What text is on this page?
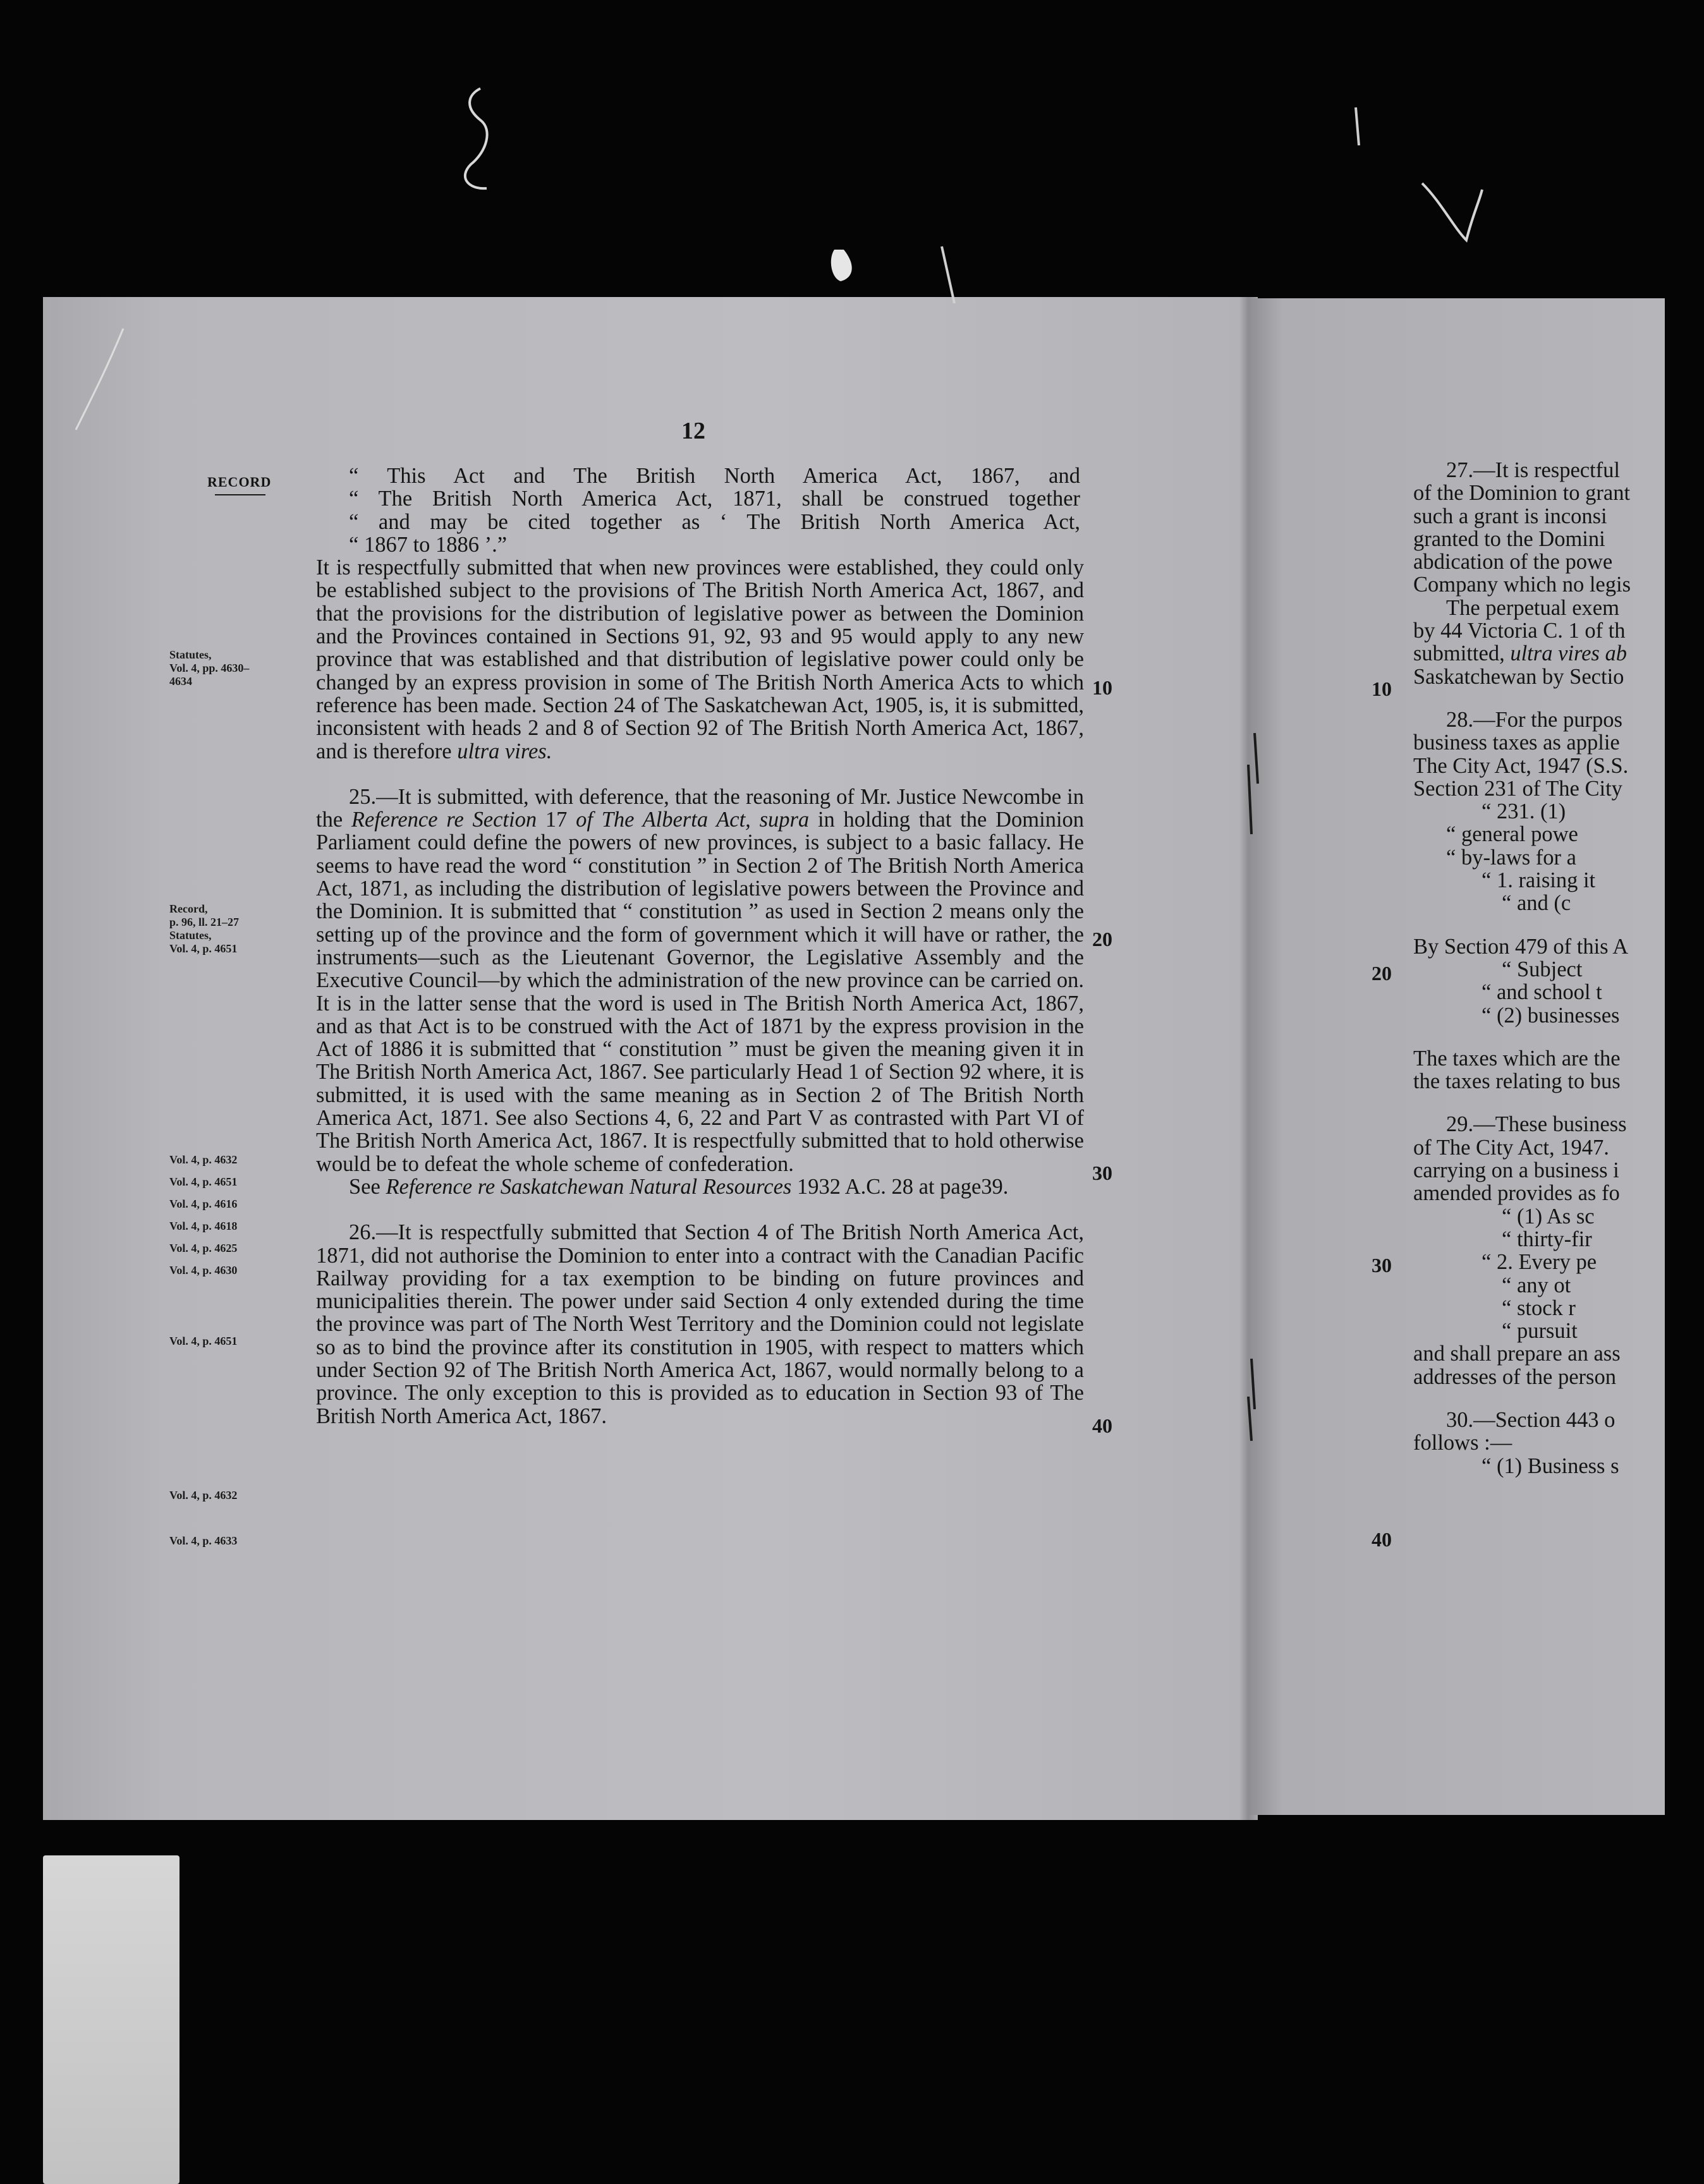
12
RECORD	“ This Act and The British North America Act, 1867, and

“ The British North America Act, 1871, shall be construed together

“ and may be cited together as ‘ The British North America Act,

“ 1867 to 1886 ’.”

It is respectfully submitted that when new provinces were established, they could only be established subject to the provisions of The British North America Act, 1867, and that the provisions for the distribution of legislative power as between the Dominion and the Provinces contained in Sections 91, 92, 93 and 95 would apply to any new province that was established and that distribution of legislative power could only be changed by an express provision in some of The British North America Acts to which reference has been made. Section 24 of The Saskatchewan Act, 1905, is, it is submitted, inconsistent with heads 2 and 8 of Section 92 of The British North America Act, 1867, and is therefore ultra vires.

25.—It is submitted, with deference, that the reasoning of Mr. Justice Newcombe in the Reference re Section 17 of The Alberta Act, supra in holding that the Dominion Parliament could define the powers of new provinces, is subject to a basic fallacy. He seems to have read the word “ constitution ” in Section 2 of The British North America Act, 1871, as including the distribution of legislative powers between the Province and the Dominion. It is submitted that “ constitution ” as used in Section 2 means only the setting up of the province and the form of government which it will have or rather, the instruments—such as the Lieutenant Governor, the Legislative Assembly and the Executive Council—by which the administration of the new province can be carried on. It is in the latter sense that the word is used in The British North America Act, 1867, and as that Act is to be construed with the Act of 1871 by the express provision in the Act of 1886 it is submitted that “ constitution ” must be given the meaning given it in The British North America Act, 1867. See particularly Head 1 of Section 92 where, it is submitted, it is used with the same meaning as in Section 2 of The British North America Act, 1871. See also Sections 4, 6, 22 and Part V as contrasted with Part VI of The British North America Act, 1867. It is respectfully submitted that to hold otherwise would be to defeat the whole scheme of confederation.

See Reference re Saskatchewan Natural Resources 1932 A.C. 28 at page39.

26.—It is respectfully submitted that Section 4 of The British North America Act, 1871, did not authorise the Dominion to enter into a contract with the Canadian Pacific Railway providing for a tax exemption to be binding on future provinces and municipalities therein. The power under said Section 4 only extended during the time the province was part of The North West Territory and the Dominion could not legislate so as to bind the province after its constitution in 1905, with respect to matters which under Section 92 of The British North America Act, 1867, would normally belong to a province. The only exception to this is provided as to education in Section 93 of The British North America Act, 1867.

Statutes,
Vol. 4, pp. 4630–
4634
Record,
p. 96, ll. 21–27
Statutes,
Vol. 4, p. 4651
Vol. 4, p. 4632
Vol. 4, p. 4651
Vol. 4, p. 4616
Vol. 4, p. 4618
Vol. 4, p. 4625
Vol. 4, p. 4630
Vol. 4, p. 4651
Vol. 4, p. 4632
Vol. 4, p. 4633
10
20
30
40
10
20
30
40

27.—It is respectful

of the Dominion to grant

such a grant is inconsi

granted to the Domini

abdication of the powe

Company which no legis

The perpetual exem

by 44 Victoria C. 1 of th

submitted, ultra vires ab

Saskatchewan by Sectio

28.—For the purpos

business taxes as applie

The City Act, 1947 (S.S.

Section 231 of The City

“ 231. (1)

“ general powe

“ by-laws for a

“ 1. raising it

“ and (c

By Section 479 of this A

“ Subject

“ and school t

“ (2) businesses

The taxes which are the

the taxes relating to bus

29.—These business

of The City Act, 1947.

carrying on a business i

amended provides as fo

“ (1) As sc

“ thirty-fir

“ 2. Every pe

“ any ot

“ stock r

“ pursuit

and shall prepare an ass

addresses of the person

30.—Section 443 o

follows :—

“ (1) Business s
